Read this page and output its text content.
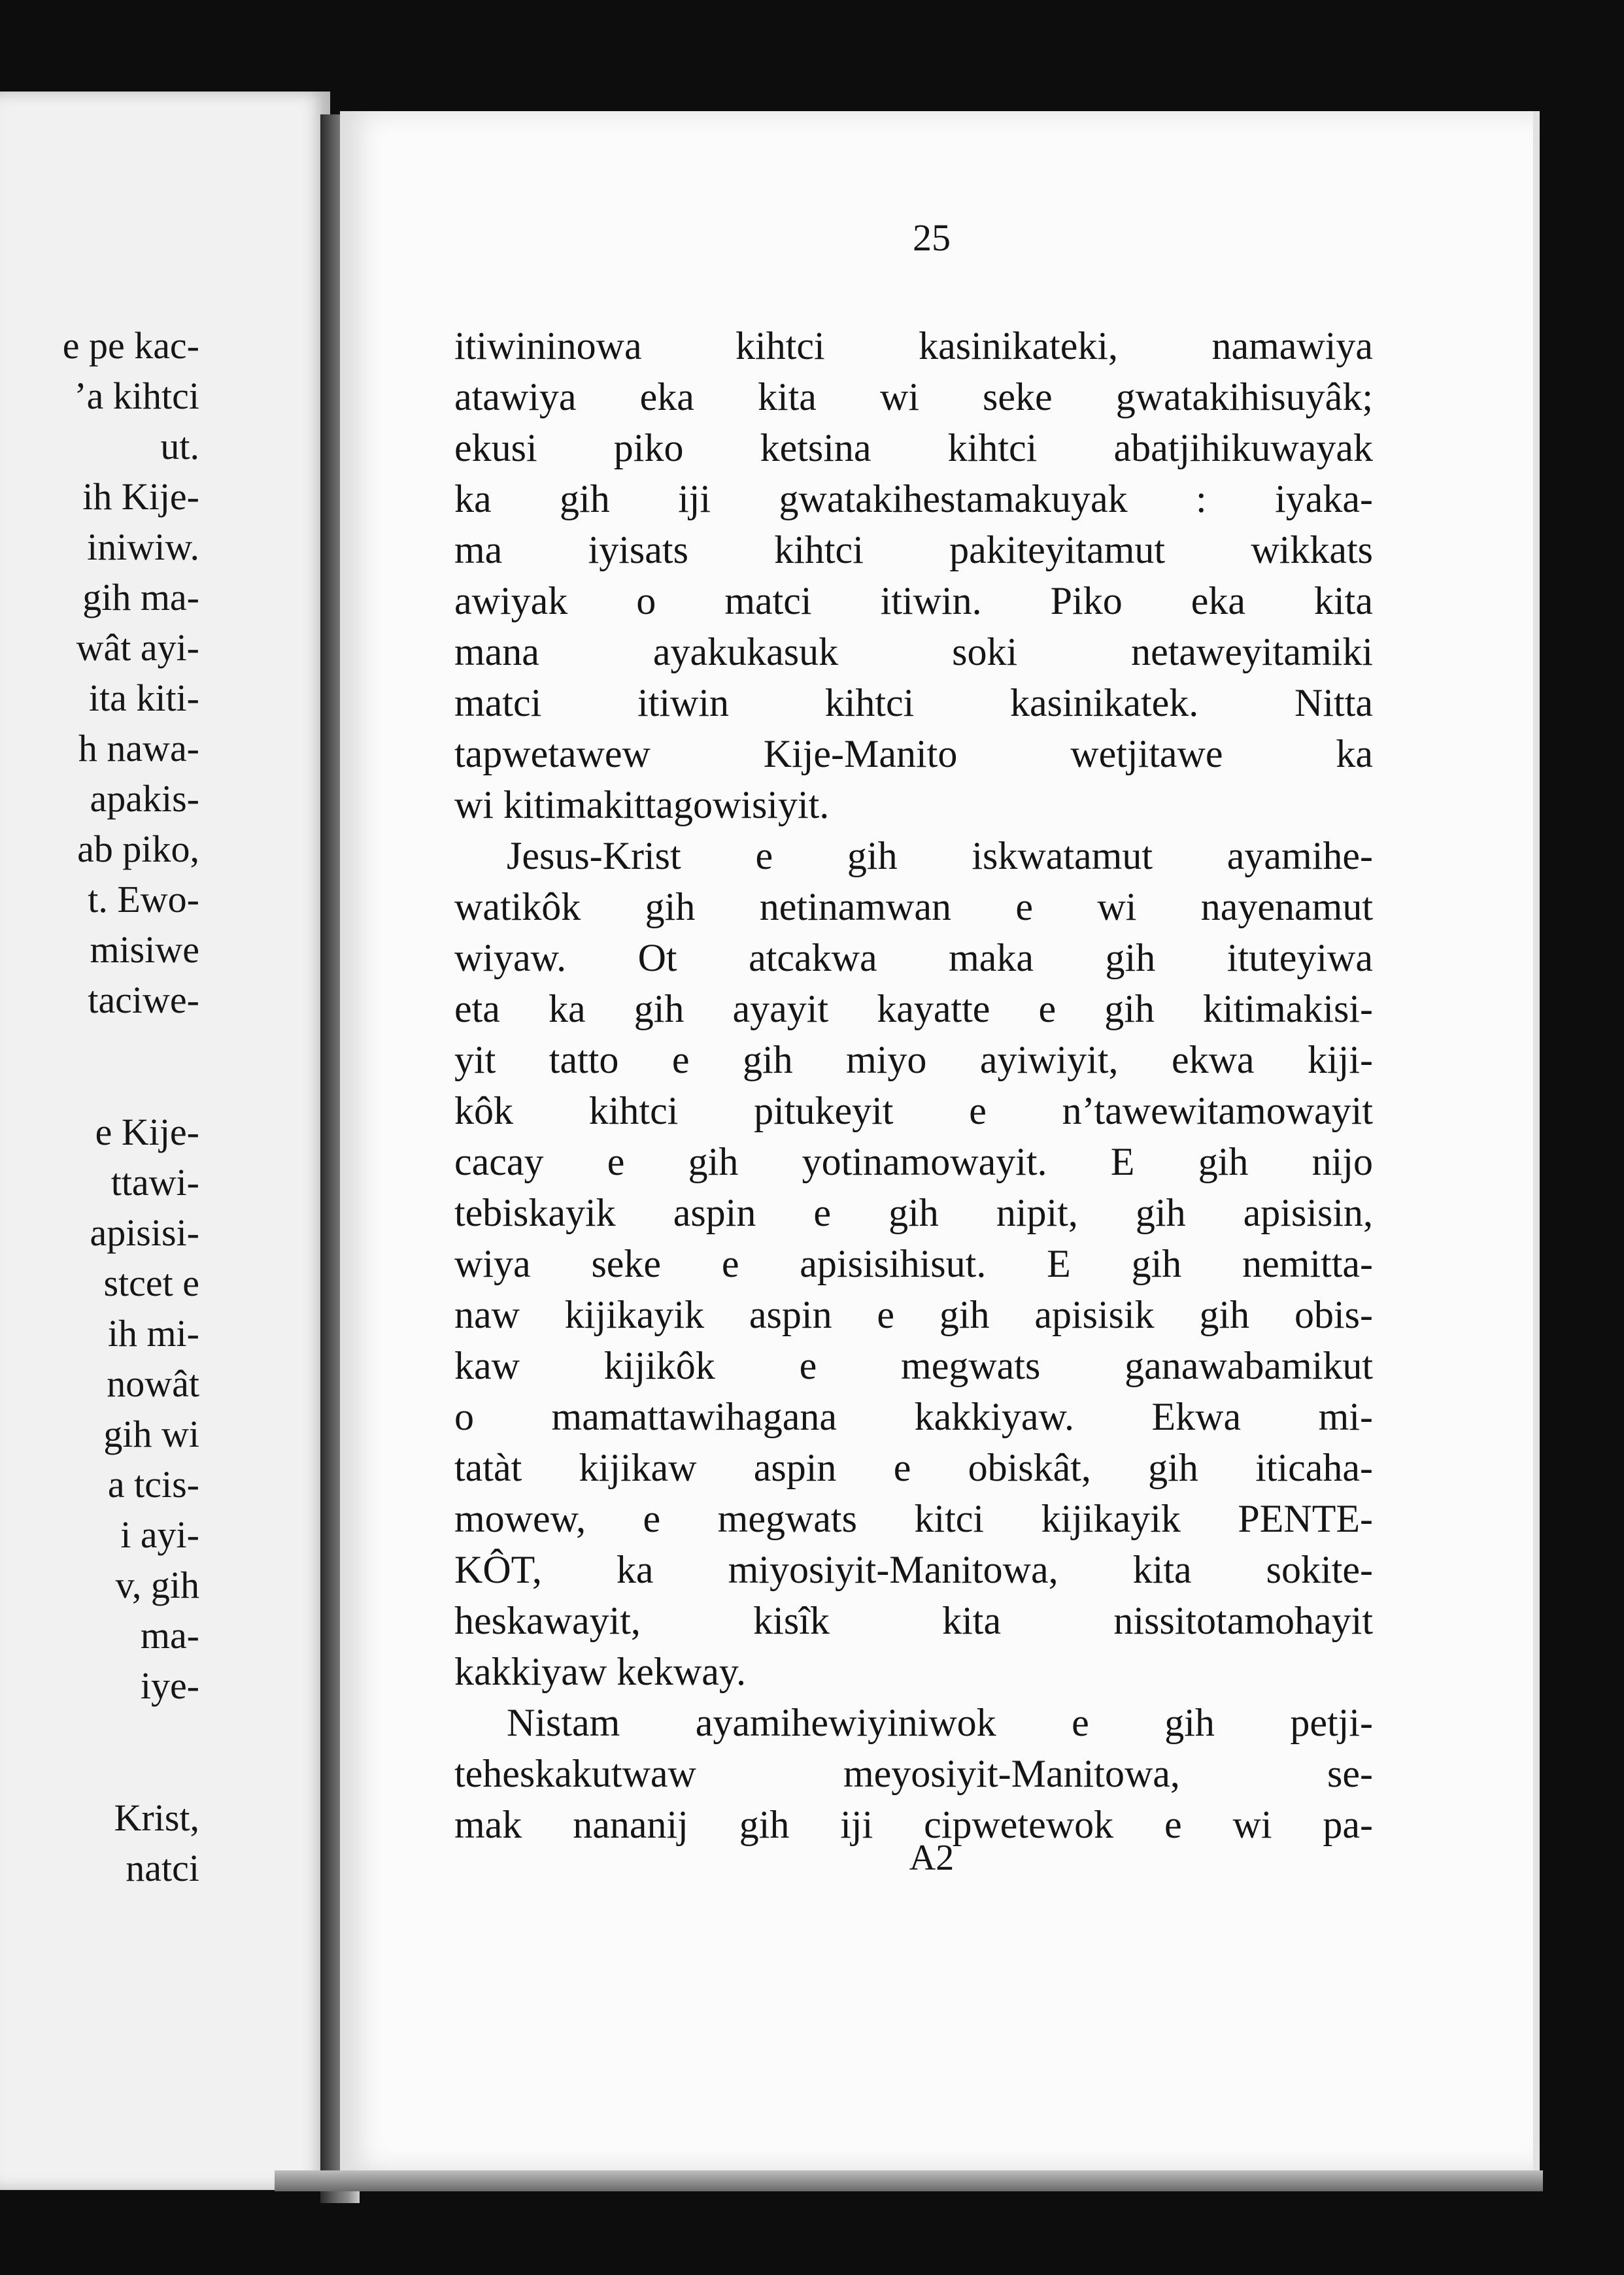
e pe kac-
’a kihtci
ut.
ih Kije-
iniwiw.
gih ma-
wât ayi-
ita kiti-
h nawa-
apakis-
ab piko,
t. Ewo-
misiwe
taciwe-
e Kije-
ttawi-
apisisi-
stcet e
ih mi-
nowât
gih wi
a tcis-
i ayi-
v, gih
ma-
iye-
Krist,
natci

25

itiwininowa kihtci kasinikateki, namawiya
atawiya eka kita wi seke gwatakihisuyâk;
ekusi piko ketsina kihtci abatjihikuwayak
ka gih iji gwatakihestamakuyak : iyaka-
ma iyisats kihtci pakiteyitamut wikkats
awiyak o matci itiwin. Piko eka kita
mana ayakukasuk soki netaweyitamiki
matci itiwin kihtci kasinikatek. Nitta
tapwetawew Kije-Manito wetjitawe ka
wi kitimakittagowisiyit.

Jesus-Krist e gih iskwatamut ayamihe-
watikôk gih netinamwan e wi nayenamut
wiyaw. Ot atcakwa maka gih ituteyiwa
eta ka gih ayayit kayatte e gih kitimakisi-
yit tatto e gih miyo ayiwiyit, ekwa kiji-
kôk kihtci pitukeyit e n’tawewitamowayit
cacay e gih yotinamowayit. E gih nijo
tebiskayik aspin e gih nipit, gih apisisin,
wiya seke e apisisihisut. E gih nemitta-
naw kijikayik aspin e gih apisisik gih obis-
kaw kijikôk e megwats ganawabamikut
o mamattawihagana kakkiyaw. Ekwa mi-
tatàt kijikaw aspin e obiskât, gih iticaha-
mowew, e megwats kitci kijikayik PENTE-
KÔT, ka miyosiyit-Manitowa, kita sokite-
heskawayit, kisîk kita nissitotamohayit
kakkiyaw kekway.

Nistam ayamihewiyiniwok e gih petji-
teheskakutwaw meyosiyit-Manitowa, se-
mak nananij gih iji cipwetewok e wi pa-

A2
